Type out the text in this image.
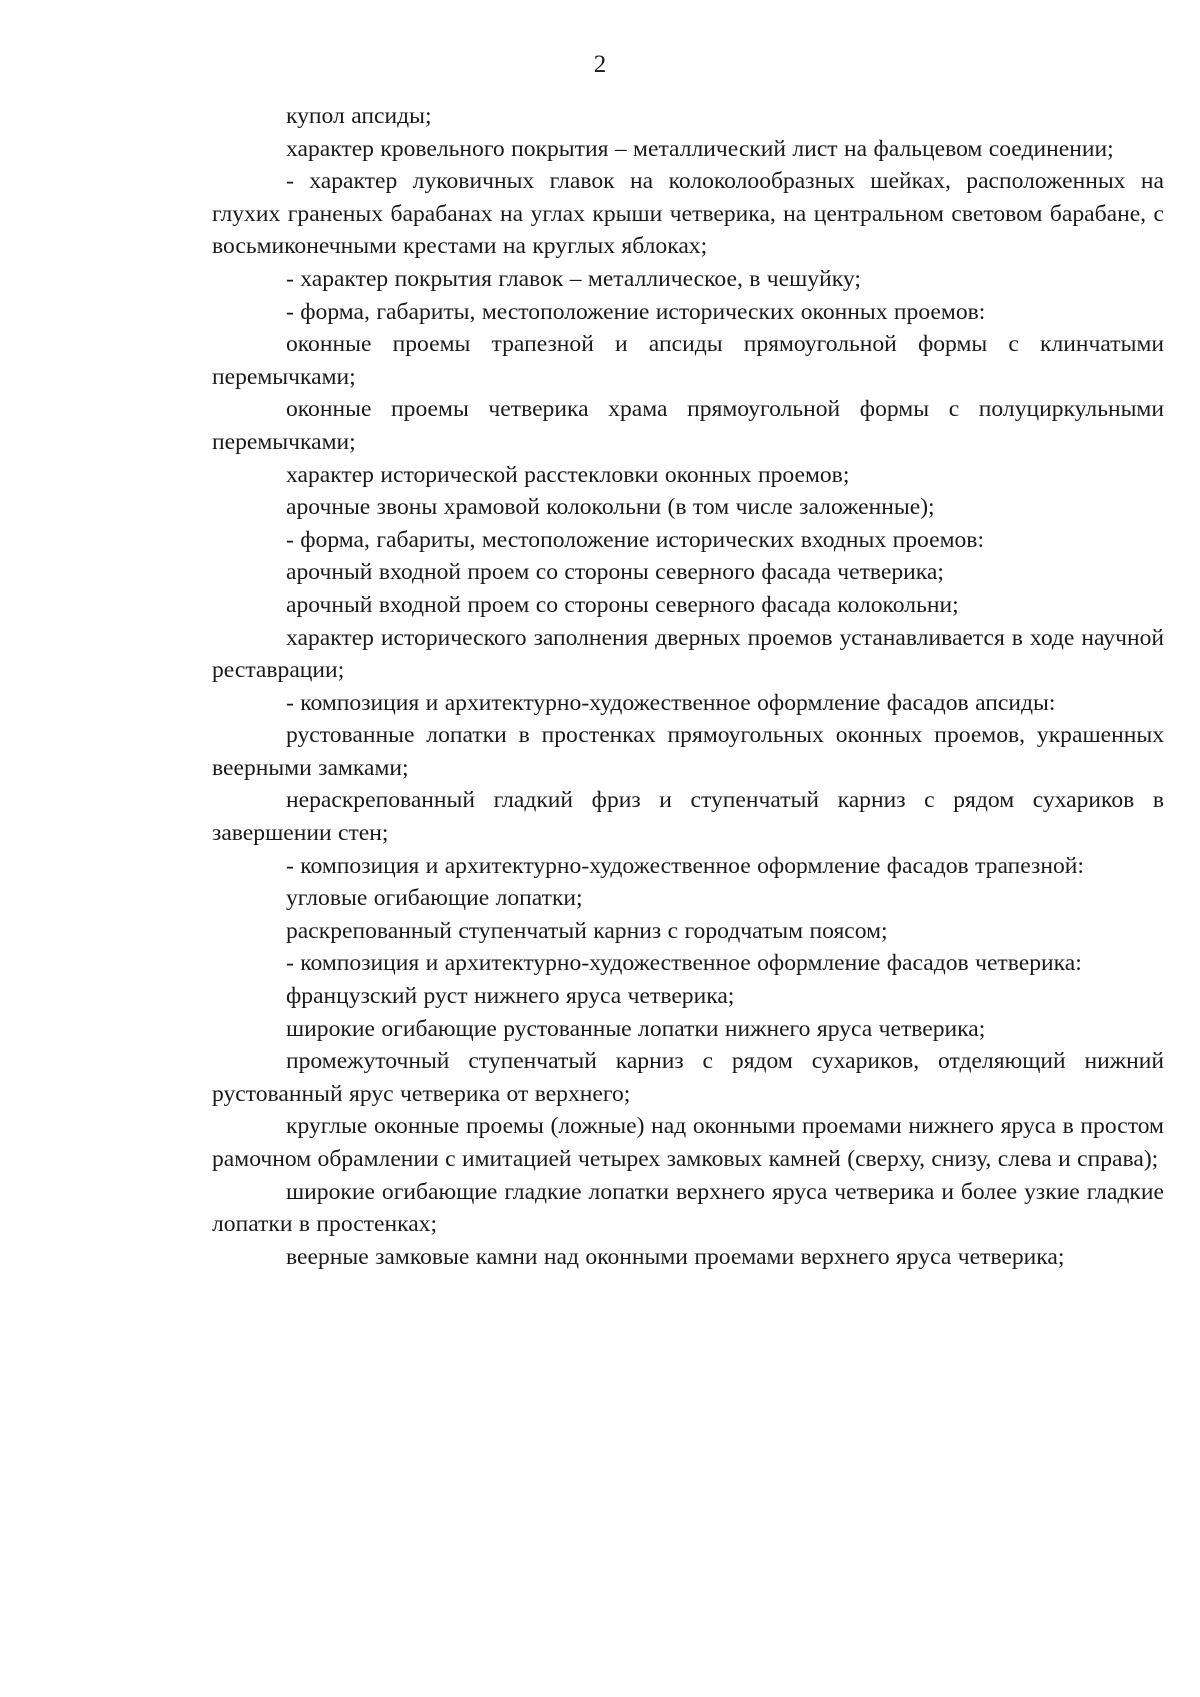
2

купол апсиды;

характер кровельного покрытия – металлический лист на фальцевом соединении;

- характер луковичных главок на колоколообразных шейках, расположенных на глухих граненых барабанах на углах крыши четверика, на центральном световом барабане, с восьмиконечными крестами на круглых яблоках;

- характер покрытия главок – металлическое, в чешуйку;

- форма, габариты, местоположение исторических оконных проемов:

оконные проемы трапезной и апсиды прямоугольной формы с клинчатыми перемычками;

оконные проемы четверика храма прямоугольной формы с полуциркульными перемычками;

характер исторической расстекловки оконных проемов;

арочные звоны храмовой колокольни (в том числе заложенные);

- форма, габариты, местоположение исторических входных проемов:

арочный входной проем со стороны северного фасада четверика;

арочный входной проем со стороны северного фасада колокольни;

характер исторического заполнения дверных проемов устанавливается в ходе научной реставрации;

- композиция и архитектурно-художественное оформление фасадов апсиды:

рустованные лопатки в простенках прямоугольных оконных проемов, украшенных веерными замками;

нераскрепованный гладкий фриз и ступенчатый карниз с рядом сухариков в завершении стен;

- композиция и архитектурно-художественное оформление фасадов трапезной:

угловые огибающие лопатки;

раскрепованный ступенчатый карниз с городчатым поясом;

- композиция и архитектурно-художественное оформление фасадов четверика:

французский руст нижнего яруса четверика;

широкие огибающие рустованные лопатки нижнего яруса четверика;

промежуточный ступенчатый карниз с рядом сухариков, отделяющий нижний рустованный ярус четверика от верхнего;

круглые оконные проемы (ложные) над оконными проемами нижнего яруса в простом рамочном обрамлении с имитацией четырех замковых камней (сверху, снизу, слева и справа);

широкие огибающие гладкие лопатки верхнего яруса четверика и более узкие гладкие лопатки в простенках;

веерные замковые камни над оконными проемами верхнего яруса четверика;
